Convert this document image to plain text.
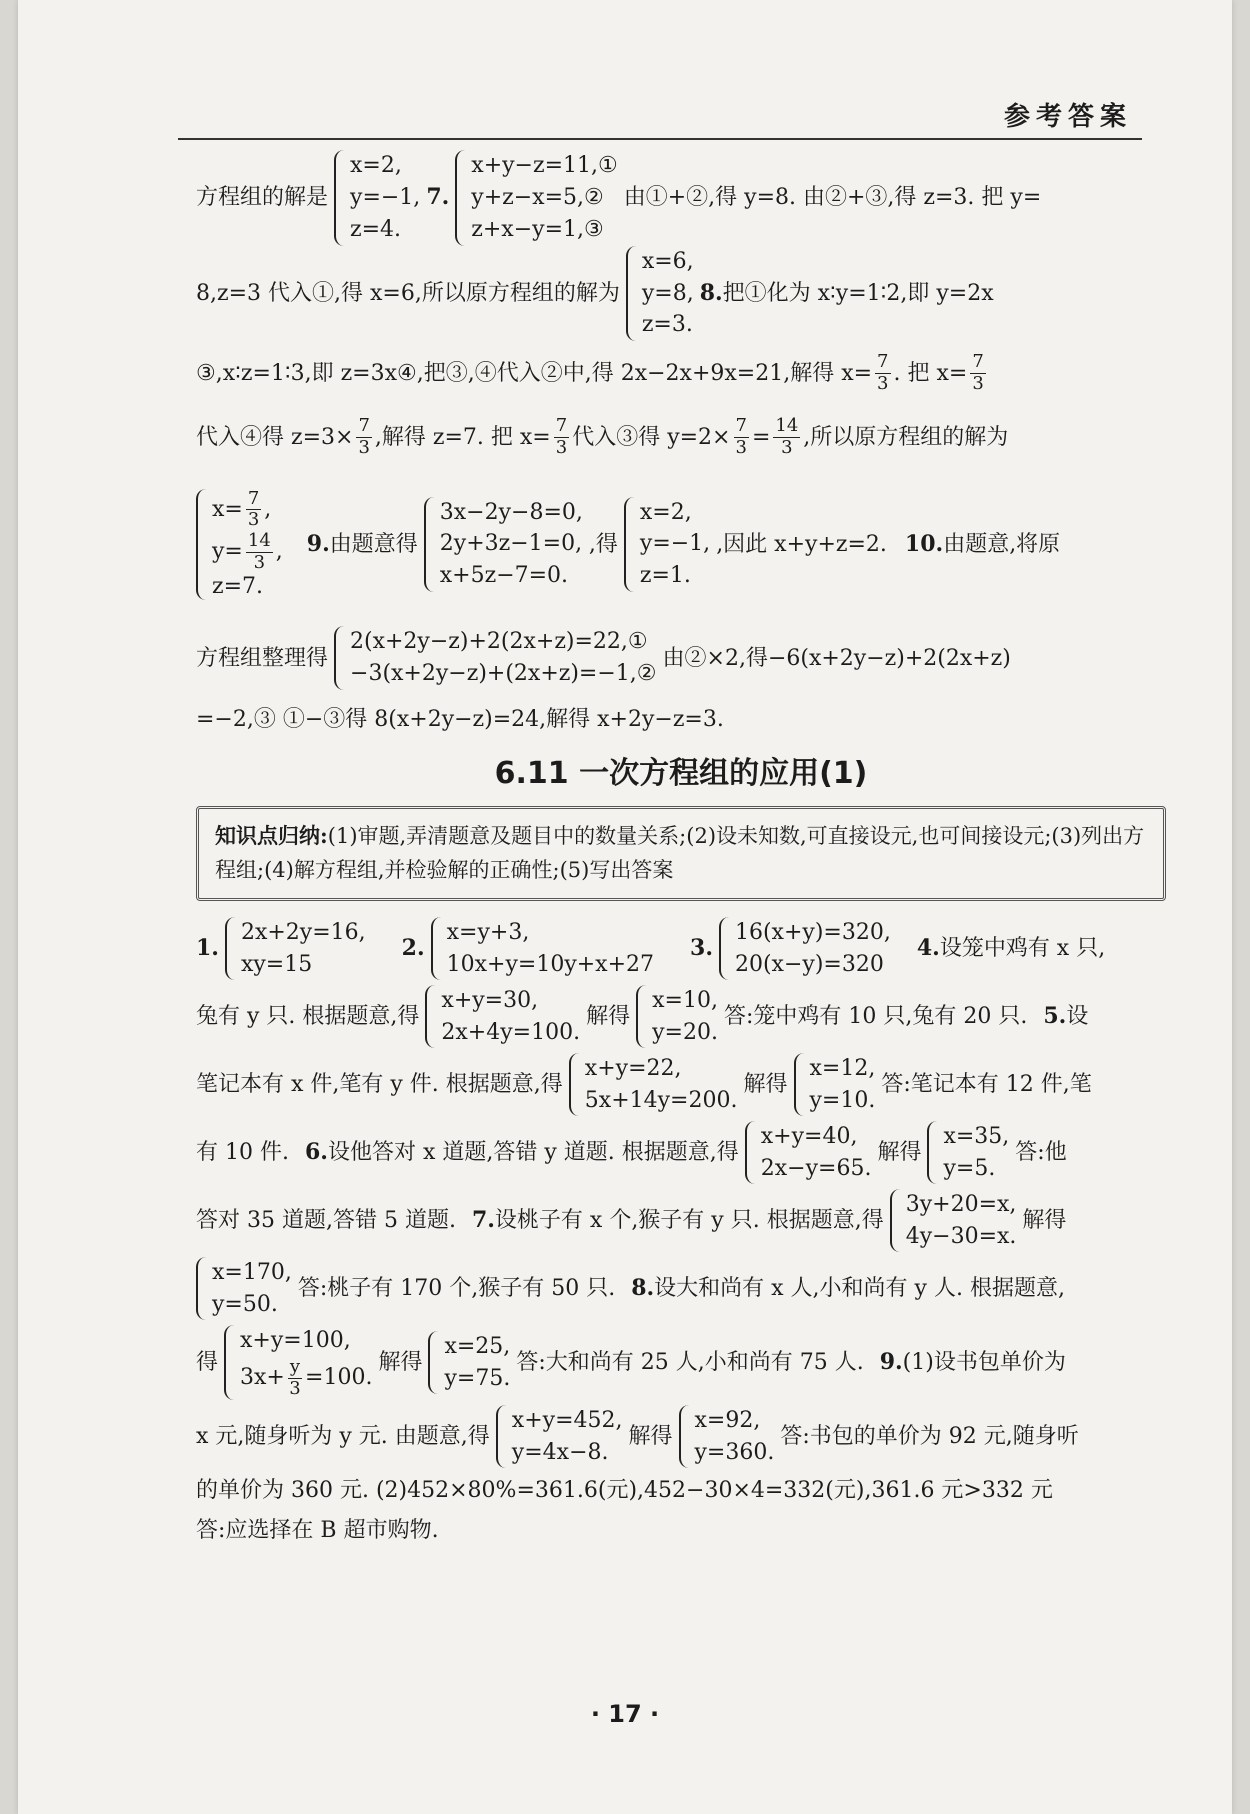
参考答案
方程组的解是
x=2,
y=−1,
z=4.
7.
x+y−z=11,①
y+z−x=5,②
z+x−y=1,③
由①+②,得 y=8. 由②+③,得 z=3. 把 y=
8,z=3 代入①,得 x=6,所以原方程组的解为
x=6,
y=8,
z=3.
8. 把①化为 x∶y=1∶2,即 y=2x
③,x∶z=1∶3,即 z=3x④,把③,④代入②中,得 2x−2x+9x=21,解得 $x= \frac{7}{3}$ . 把 $x= \frac{7}{3}$
代入④得 $z=3\times \frac{7}{3}$ ,解得 z=7. 把 $x= \frac{7}{3}$ 代入③得 $y=2\times \frac{7}{3} = \frac{14}{3}$ ,所以原方程组的解为
$x= \frac{7}{3}$ ,
$y= \frac{14}{3}$ ,
z=7.
9. 由题意得
3x−2y−8=0,
2y+3z−1=0,
x+5z−7=0.
,得
x=2,
y=−1,
z=1.
,因此 x+y+z=2. 10. 由题意,将原
方程组整理得
2(x+2y−z)+2(2x+z)=22,①
−3(x+2y−z)+(2x+z)=−1,②
由②×2,得−6(x+2y−z)+2(2x+z)
=−2,③ ①−③得 8(x+2y−z)=24,解得 x+2y−z=3.
6.11 一次方程组的应用(1)
知识点归纳:(1)审题,弄清题意及题目中的数量关系;(2)设未知数,可直接设元,也可间接设元;(3)列出方程组;(4)解方程组,并检验解的正确性;(5)写出答案
1.
2x+2y=16,
xy=15
2.
x=y+3,
10x+y=10y+x+27
3.
16(x+y)=320,
20(x−y)=320
4. 设笼中鸡有 x 只,
兔有 y 只. 根据题意,得
x+y=30,
2x+4y=100.
解得
x=10,
y=20.
答:笼中鸡有 10 只,兔有 20 只. 5. 设
笔记本有 x 件,笔有 y 件. 根据题意,得
x+y=22,
5x+14y=200.
解得
x=12,
y=10.
答:笔记本有 12 件,笔
有 10 件. 6. 设他答对 x 道题,答错 y 道题. 根据题意,得
x+y=40,
2x−y=65.
解得
x=35,
y=5.
答:他
答对 35 道题,答错 5 道题. 7. 设桃子有 x 个,猴子有 y 只. 根据题意,得
3y+20=x,
4y−30=x.
解得
x=170,
y=50.
答:桃子有 170 个,猴子有 50 只. 8. 设大和尚有 x 人,小和尚有 y 人. 根据题意,
得
x+y=100,
$3x+ \frac{y}{3} =100$.
解得
x=25,
y=75.
答:大和尚有 25 人,小和尚有 75 人. 9. (1)设书包单价为
x 元,随身听为 y 元. 由题意,得
x+y=452,
y=4x−8.
解得
x=92,
y=360.
答:书包的单价为 92 元,随身听
的单价为 360 元. (2)452×80%=361.6(元),452−30×4=332(元),361.6 元>332 元
答:应选择在 B 超市购物.
· 17 ·
